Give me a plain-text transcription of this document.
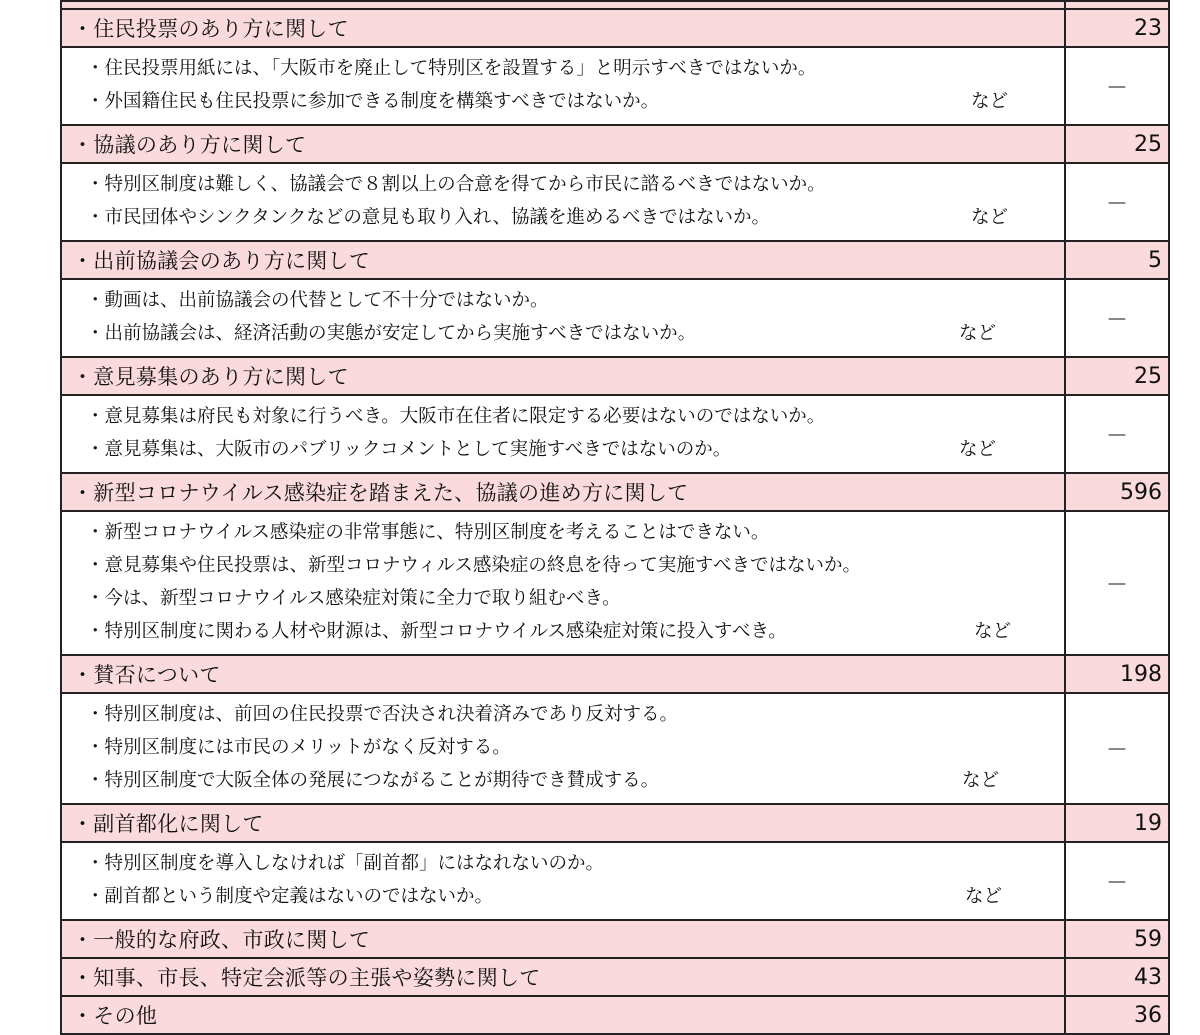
・住民投票のあり方に関して	23

・住民投票用紙には、「大阪市を廃止して特別区を設置する」と明示すべきではないか。
・外国籍住民も住民投票に参加できる制度を構築すべきではないか。 など	－
・協議のあり方に関して	25

・特別区制度は難しく、協議会で８割以上の合意を得てから市民に諮るべきではないか。
・市民団体やシンクタンクなどの意見も取り入れ、協議を進めるべきではないか。 など	－
・出前協議会のあり方に関して	5

・動画は、出前協議会の代替として不十分ではないか。
・出前協議会は、経済活動の実態が安定してから実施すべきではないか。 など	－
・意見募集のあり方に関して	25

・意見募集は府民も対象に行うべき。大阪市在住者に限定する必要はないのではないか。
・意見募集は、大阪市のパブリックコメントとして実施すべきではないのか。 など	－
・新型コロナウイルス感染症を踏まえた、協議の進め方に関して	596

・新型コロナウイルス感染症の非常事態に、特別区制度を考えることはできない。
・意見募集や住民投票は、新型コロナウィルス感染症の終息を待って実施すべきではないか。
・今は、新型コロナウイルス感染症対策に全力で取り組むべき。
・特別区制度に関わる人材や財源は、新型コロナウイルス感染症対策に投入すべき。 など	－
・賛否について	198

・特別区制度は、前回の住民投票で否決され決着済みであり反対する。
・特別区制度には市民のメリットがなく反対する。
・特別区制度で大阪全体の発展につながることが期待でき賛成する。 など	－
・副首都化に関して	19

・特別区制度を導入しなければ「副首都」にはなれないのか。
・副首都という制度や定義はないのではないか。 など	－
・一般的な府政、市政に関して	59
・知事、市長、特定会派等の主張や姿勢に関して	43
・その他	36
